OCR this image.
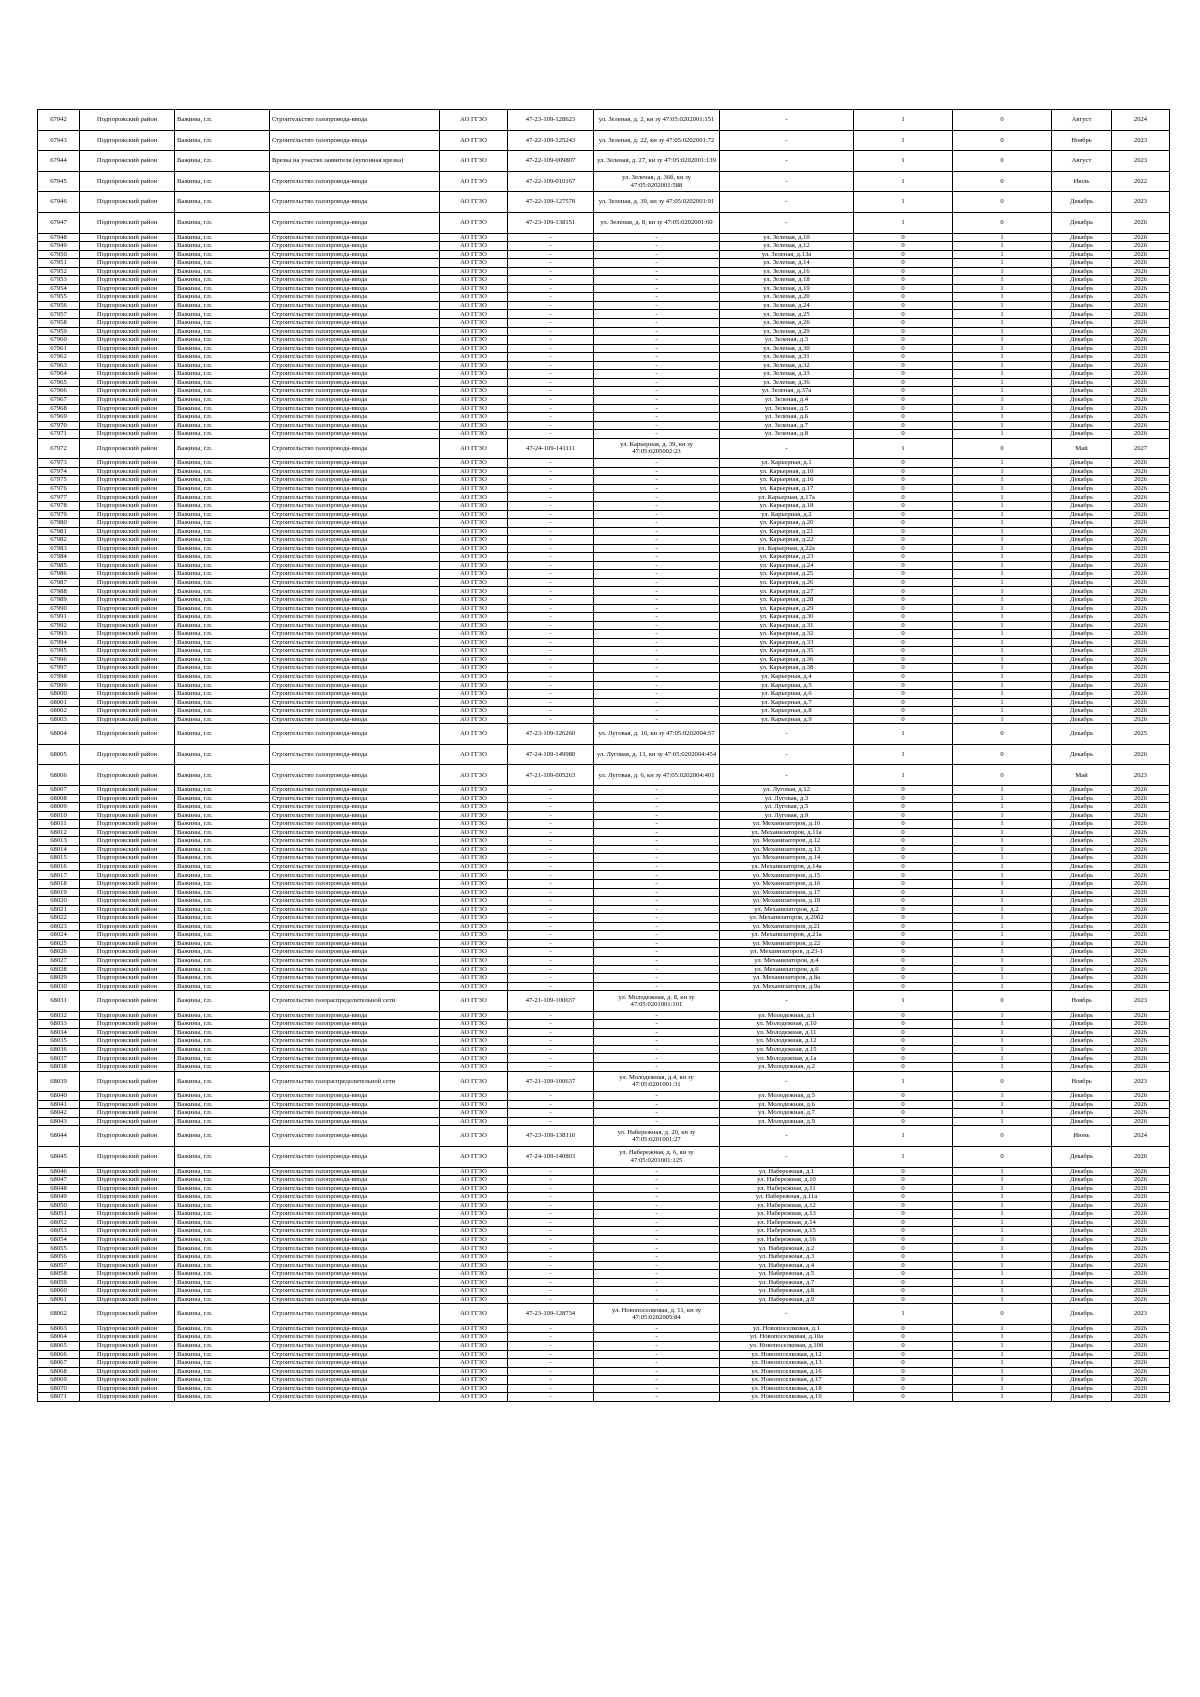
67942	Подпорожский район	Важины, г.п.	Строительство газопровода-ввода	АО ГГЗО	47-23-109-128623	ул. Зеленая, д. 2, кн зу 47:05:0202001:151	-	1	0	Август	2024
67943	Подпорожский район	Важины, г.п.	Строительство газопровода-ввода	АО ГГЗО	47-22-109-125243	ул. Зеленая, д. 22, кн зу 47:05:0202001:72	-	1	0	Ноябрь	2023
67944	Подпорожский район	Важины, г.п.	Врезка на участке заявителя (купонная врезка)	АО ГГЗО	47-22-109-009807	ул. Зеленая, д. 27, кн зу 47:05:0202001:139	-	1	0	Август	2023
67945	Подпорожский район	Важины, г.п.	Строительство газопровода-ввода	АО ГГЗО	47-22-109-010167	ул. Зеленая, д. 36б, кн зу 47:05:0202001:588	-	1	0	Июль	2022
67946	Подпорожский район	Важины, г.п.	Строительство газопровода-ввода	АО ГГЗО	47-22-109-127578	ул. Зеленая, д. 39, кн зу 47:05:0202001:91	-	1	0	Декабрь	2023
67947	Подпорожский район	Важины, г.п.	Строительство газопровода-ввода	АО ГГЗО	47-23-109-138151	ул. Зеленая, д. 8, кн зу 47:05:0202001:60	-	1	0	Декабрь	2026
67948	Подпорожский район	Важины, г.п.	Строительство газопровода-ввода	АО ГГЗО	-	-	ул. Зеленая, д.10	0	1	Декабрь	2026
67949	Подпорожский район	Важины, г.п.	Строительство газопровода-ввода	АО ГГЗО	-	-	ул. Зеленая, д.12	0	1	Декабрь	2026
67950	Подпорожский район	Важины, г.п.	Строительство газопровода-ввода	АО ГГЗО	-	-	ул. Зеленая, д.13а	0	1	Декабрь	2026
67951	Подпорожский район	Важины, г.п.	Строительство газопровода-ввода	АО ГГЗО	-	-	ул. Зеленая, д.14	0	1	Декабрь	2026
67952	Подпорожский район	Важины, г.п.	Строительство газопровода-ввода	АО ГГЗО	-	-	ул. Зеленая, д.16	0	1	Декабрь	2026
67953	Подпорожский район	Важины, г.п.	Строительство газопровода-ввода	АО ГГЗО	-	-	ул. Зеленая, д.18	0	1	Декабрь	2026
67954	Подпорожский район	Важины, г.п.	Строительство газопровода-ввода	АО ГГЗО	-	-	ул. Зеленая, д.19	0	1	Декабрь	2026
67955	Подпорожский район	Важины, г.п.	Строительство газопровода-ввода	АО ГГЗО	-	-	ул. Зеленая, д.20	0	1	Декабрь	2026
67956	Подпорожский район	Важины, г.п.	Строительство газопровода-ввода	АО ГГЗО	-	-	ул. Зеленая, д.24	0	1	Декабрь	2026
67957	Подпорожский район	Важины, г.п.	Строительство газопровода-ввода	АО ГГЗО	-	-	ул. Зеленая, д.25	0	1	Декабрь	2026
67958	Подпорожский район	Важины, г.п.	Строительство газопровода-ввода	АО ГГЗО	-	-	ул. Зеленая, д.26	0	1	Декабрь	2026
67959	Подпорожский район	Важины, г.п.	Строительство газопровода-ввода	АО ГГЗО	-	-	ул. Зеленая, д.29	0	1	Декабрь	2026
67960	Подпорожский район	Важины, г.п.	Строительство газопровода-ввода	АО ГГЗО	-	-	ул. Зеленая, д.3	0	1	Декабрь	2026
67961	Подпорожский район	Важины, г.п.	Строительство газопровода-ввода	АО ГГЗО	-	-	ул. Зеленая, д.30	0	1	Декабрь	2026
67962	Подпорожский район	Важины, г.п.	Строительство газопровода-ввода	АО ГГЗО	-	-	ул. Зеленая, д.31	0	1	Декабрь	2026
67963	Подпорожский район	Важины, г.п.	Строительство газопровода-ввода	АО ГГЗО	-	-	ул. Зеленая, д.32	0	1	Декабрь	2026
67964	Подпорожский район	Важины, г.п.	Строительство газопровода-ввода	АО ГГЗО	-	-	ул. Зеленая, д.33	0	1	Декабрь	2026
67965	Подпорожский район	Важины, г.п.	Строительство газопровода-ввода	АО ГГЗО	-	-	ул. Зеленая, д.36	0	1	Декабрь	2026
67966	Подпорожский район	Важины, г.п.	Строительство газопровода-ввода	АО ГГЗО	-	-	ул. Зеленая, д.37а	0	1	Декабрь	2026
67967	Подпорожский район	Важины, г.п.	Строительство газопровода-ввода	АО ГГЗО	-	-	ул. Зеленая, д.4	0	1	Декабрь	2026
67968	Подпорожский район	Важины, г.п.	Строительство газопровода-ввода	АО ГГЗО	-	-	ул. Зеленая, д.5	0	1	Декабрь	2026
67969	Подпорожский район	Важины, г.п.	Строительство газопровода-ввода	АО ГГЗО	-	-	ул. Зеленая, д.6	0	1	Декабрь	2026
67970	Подпорожский район	Важины, г.п.	Строительство газопровода-ввода	АО ГГЗО	-	-	ул. Зеленая, д.7	0	1	Декабрь	2026
67971	Подпорожский район	Важины, г.п.	Строительство газопровода-ввода	АО ГГЗО	-	-	ул. Зеленая, д.8	0	1	Декабрь	2026
67972	Подпорожский район	Важины, г.п.	Строительство газопровода-ввода	АО ГГЗО	47-24-109-141111	ул. Карьерная, д. 39, кн зу 47:05:0205002:23	-	1	0	Май	2027
67973	Подпорожский район	Важины, г.п.	Строительство газопровода-ввода	АО ГГЗО	-	-	ул. Карьерная, д.1	0	1	Декабрь	2026
67974	Подпорожский район	Важины, г.п.	Строительство газопровода-ввода	АО ГГЗО	-	-	ул. Карьерная, д.10	0	1	Декабрь	2026
67975	Подпорожский район	Важины, г.п.	Строительство газопровода-ввода	АО ГГЗО	-	-	ул. Карьерная, д.16	0	1	Декабрь	2026
67976	Подпорожский район	Важины, г.п.	Строительство газопровода-ввода	АО ГГЗО	-	-	ул. Карьерная, д.17	0	1	Декабрь	2026
67977	Подпорожский район	Важины, г.п.	Строительство газопровода-ввода	АО ГГЗО	-	-	ул. Карьерная, д.17а	0	1	Декабрь	2026
67978	Подпорожский район	Важины, г.п.	Строительство газопровода-ввода	АО ГГЗО	-	-	ул. Карьерная, д.18	0	1	Декабрь	2026
67979	Подпорожский район	Важины, г.п.	Строительство газопровода-ввода	АО ГГЗО	-	-	ул. Карьерная, д.2	0	1	Декабрь	2026
67980	Подпорожский район	Важины, г.п.	Строительство газопровода-ввода	АО ГГЗО	-	-	ул. Карьерная, д.20	0	1	Декабрь	2026
67981	Подпорожский район	Важины, г.п.	Строительство газопровода-ввода	АО ГГЗО	-	-	ул. Карьерная, д.21	0	1	Декабрь	2026
67982	Подпорожский район	Важины, г.п.	Строительство газопровода-ввода	АО ГГЗО	-	-	ул. Карьерная, д.22	0	1	Декабрь	2026
67983	Подпорожский район	Важины, г.п.	Строительство газопровода-ввода	АО ГГЗО	-	-	ул. Карьерная, д.22а	0	1	Декабрь	2026
67984	Подпорожский район	Важины, г.п.	Строительство газопровода-ввода	АО ГГЗО	-	-	ул. Карьерная, д.23	0	1	Декабрь	2026
67985	Подпорожский район	Важины, г.п.	Строительство газопровода-ввода	АО ГГЗО	-	-	ул. Карьерная, д.24	0	1	Декабрь	2026
67986	Подпорожский район	Важины, г.п.	Строительство газопровода-ввода	АО ГГЗО	-	-	ул. Карьерная, д.25	0	1	Декабрь	2026
67987	Подпорожский район	Важины, г.п.	Строительство газопровода-ввода	АО ГГЗО	-	-	ул. Карьерная, д.26	0	1	Декабрь	2026
67988	Подпорожский район	Важины, г.п.	Строительство газопровода-ввода	АО ГГЗО	-	-	ул. Карьерная, д.27	0	1	Декабрь	2026
67989	Подпорожский район	Важины, г.п.	Строительство газопровода-ввода	АО ГГЗО	-	-	ул. Карьерная, д.28	0	1	Декабрь	2026
67990	Подпорожский район	Важины, г.п.	Строительство газопровода-ввода	АО ГГЗО	-	-	ул. Карьерная, д.29	0	1	Декабрь	2026
67991	Подпорожский район	Важины, г.п.	Строительство газопровода-ввода	АО ГГЗО	-	-	ул. Карьерная, д.30	0	1	Декабрь	2026
67992	Подпорожский район	Важины, г.п.	Строительство газопровода-ввода	АО ГГЗО	-	-	ул. Карьерная, д.31	0	1	Декабрь	2026
67993	Подпорожский район	Важины, г.п.	Строительство газопровода-ввода	АО ГГЗО	-	-	ул. Карьерная, д.32	0	1	Декабрь	2026
67994	Подпорожский район	Важины, г.п.	Строительство газопровода-ввода	АО ГГЗО	-	-	ул. Карьерная, д.33	0	1	Декабрь	2026
67995	Подпорожский район	Важины, г.п.	Строительство газопровода-ввода	АО ГГЗО	-	-	ул. Карьерная, д.35	0	1	Декабрь	2026
67996	Подпорожский район	Важины, г.п.	Строительство газопровода-ввода	АО ГГЗО	-	-	ул. Карьерная, д.36	0	1	Декабрь	2026
67997	Подпорожский район	Важины, г.п.	Строительство газопровода-ввода	АО ГГЗО	-	-	ул. Карьерная, д.38	0	1	Декабрь	2026
67998	Подпорожский район	Важины, г.п.	Строительство газопровода-ввода	АО ГГЗО	-	-	ул. Карьерная, д.4	0	1	Декабрь	2026
67999	Подпорожский район	Важины, г.п.	Строительство газопровода-ввода	АО ГГЗО	-	-	ул. Карьерная, д.5	0	1	Декабрь	2026
68000	Подпорожский район	Важины, г.п.	Строительство газопровода-ввода	АО ГГЗО	-	-	ул. Карьерная, д.6	0	1	Декабрь	2026
68001	Подпорожский район	Важины, г.п.	Строительство газопровода-ввода	АО ГГЗО	-	-	ул. Карьерная, д.7	0	1	Декабрь	2026
68002	Подпорожский район	Важины, г.п.	Строительство газопровода-ввода	АО ГГЗО	-	-	ул. Карьерная, д.8	0	1	Декабрь	2026
68003	Подпорожский район	Важины, г.п.	Строительство газопровода-ввода	АО ГГЗО	-	-	ул. Карьерная, д.9	0	1	Декабрь	2026
68004	Подпорожский район	Важины, г.п.	Строительство газопровода-ввода	АО ГГЗО	47-23-109-126260	ул. Луговая, д. 10, кн зу 47:05:0202004:57	-	1	0	Декабрь	2025
68005	Подпорожский район	Важины, г.п.	Строительство газопровода-ввода	АО ГГЗО	47-24-109-149980	ул. Луговая, д. 13, кн зу 47:05:0202004:454	-	1	0	Декабрь	2026
68006	Подпорожский район	Важины, г.п.	Строительство газопровода-ввода	АО ГГЗО	47-21-109-005263	ул. Луговая, д. 6, кн зу 47:05:0202004:401	-	1	0	Май	2023
68007	Подпорожский район	Важины, г.п.	Строительство газопровода-ввода	АО ГГЗО	-	-	ул. Луговая, д.12	0	1	Декабрь	2026
68008	Подпорожский район	Важины, г.п.	Строительство газопровода-ввода	АО ГГЗО	-	-	ул. Луговая, д.3	0	1	Декабрь	2026
68009	Подпорожский район	Важины, г.п.	Строительство газопровода-ввода	АО ГГЗО	-	-	ул. Луговая, д.5	0	1	Декабрь	2026
68010	Подпорожский район	Важины, г.п.	Строительство газопровода-ввода	АО ГГЗО	-	-	ул. Луговая, д.9	0	1	Декабрь	2026
68011	Подпорожский район	Важины, г.п.	Строительство газопровода-ввода	АО ГГЗО	-	-	ул. Механизаторов, д.10	0	1	Декабрь	2026
68012	Подпорожский район	Важины, г.п.	Строительство газопровода-ввода	АО ГГЗО	-	-	ул. Механизаторов, д.11а	0	1	Декабрь	2026
68013	Подпорожский район	Важины, г.п.	Строительство газопровода-ввода	АО ГГЗО	-	-	ул. Механизаторов, д.12	0	1	Декабрь	2026
68014	Подпорожский район	Важины, г.п.	Строительство газопровода-ввода	АО ГГЗО	-	-	ул. Механизаторов, д.13	0	1	Декабрь	2026
68015	Подпорожский район	Важины, г.п.	Строительство газопровода-ввода	АО ГГЗО	-	-	ул. Механизаторов, д.14	0	1	Декабрь	2026
68016	Подпорожский район	Важины, г.п.	Строительство газопровода-ввода	АО ГГЗО	-	-	ул. Механизаторов, д.14а	0	1	Декабрь	2026
68017	Подпорожский район	Важины, г.п.	Строительство газопровода-ввода	АО ГГЗО	-	-	ул. Механизаторов, д.15	0	1	Декабрь	2026
68018	Подпорожский район	Важины, г.п.	Строительство газопровода-ввода	АО ГГЗО	-	-	ул. Механизаторов, д.16	0	1	Декабрь	2026
68019	Подпорожский район	Важины, г.п.	Строительство газопровода-ввода	АО ГГЗО	-	-	ул. Механизаторов, д.17	0	1	Декабрь	2026
68020	Подпорожский район	Важины, г.п.	Строительство газопровода-ввода	АО ГГЗО	-	-	ул. Механизаторов, д.18	0	1	Декабрь	2026
68021	Подпорожский район	Важины, г.п.	Строительство газопровода-ввода	АО ГГЗО	-	-	ул. Механизаторов, д.2	0	1	Декабрь	2026
68022	Подпорожский район	Важины, г.п.	Строительство газопровода-ввода	АО ГГЗО	-	-	ул. Механизаторов, д.20б2	0	1	Декабрь	2026
68023	Подпорожский район	Важины, г.п.	Строительство газопровода-ввода	АО ГГЗО	-	-	ул. Механизаторов, д.21	0	1	Декабрь	2026
68024	Подпорожский район	Важины, г.п.	Строительство газопровода-ввода	АО ГГЗО	-	-	ул. Механизаторов, д.21а	0	1	Декабрь	2026
68025	Подпорожский район	Важины, г.п.	Строительство газопровода-ввода	АО ГГЗО	-	-	ул. Механизаторов, д.22	0	1	Декабрь	2026
68026	Подпорожский район	Важины, г.п.	Строительство газопровода-ввода	АО ГГЗО	-	-	ул. Механизаторов, д.23-1	0	1	Декабрь	2026
68027	Подпорожский район	Важины, г.п.	Строительство газопровода-ввода	АО ГГЗО	-	-	ул. Механизаторов, д.4	0	1	Декабрь	2026
68028	Подпорожский район	Важины, г.п.	Строительство газопровода-ввода	АО ГГЗО	-	-	ул. Механизаторов, д.6	0	1	Декабрь	2026
68029	Подпорожский район	Важины, г.п.	Строительство газопровода-ввода	АО ГГЗО	-	-	ул. Механизаторов, д.8а	0	1	Декабрь	2026
68030	Подпорожский район	Важины, г.п.	Строительство газопровода-ввода	АО ГГЗО	-	-	ул. Механизаторов, д.9а	0	1	Декабрь	2026
68031	Подпорожский район	Важины, г.п.	Строительство газораспределительной сети	АО ГГЗО	47-21-109-100637	ул. Молодежная, д. 8, кн зу 47:05:0201001:101	-	1	0	Ноябрь	2023
68032	Подпорожский район	Важины, г.п.	Строительство газопровода-ввода	АО ГГЗО	-	-	ул. Молодежная, д.1	0	1	Декабрь	2026
68033	Подпорожский район	Важины, г.п.	Строительство газопровода-ввода	АО ГГЗО	-	-	ул. Молодежная, д.10	0	1	Декабрь	2026
68034	Подпорожский район	Важины, г.п.	Строительство газопровода-ввода	АО ГГЗО	-	-	ул. Молодежная, д.11	0	1	Декабрь	2026
68035	Подпорожский район	Важины, г.п.	Строительство газопровода-ввода	АО ГГЗО	-	-	ул. Молодежная, д.12	0	1	Декабрь	2026
68036	Подпорожский район	Важины, г.п.	Строительство газопровода-ввода	АО ГГЗО	-	-	ул. Молодежная, д.15	0	1	Декабрь	2026
68037	Подпорожский район	Важины, г.п.	Строительство газопровода-ввода	АО ГГЗО	-	-	ул. Молодежная, д.1а	0	1	Декабрь	2026
68038	Подпорожский район	Важины, г.п.	Строительство газопровода-ввода	АО ГГЗО	-	-	ул. Молодежная, д.2	0	1	Декабрь	2026
68039	Подпорожский район	Важины, г.п.	Строительство газораспределительной сети	АО ГГЗО	47-21-109-100637	ул. Молодежная, д.4, кн зу 47:05:0201001:31	-	1	0	Ноябрь	2023
68040	Подпорожский район	Важины, г.п.	Строительство газопровода-ввода	АО ГГЗО	-	-	ул. Молодежная, д.5	0	1	Декабрь	2026
68041	Подпорожский район	Важины, г.п.	Строительство газопровода-ввода	АО ГГЗО	-	-	ул. Молодежная, д.6	0	1	Декабрь	2026
68042	Подпорожский район	Важины, г.п.	Строительство газопровода-ввода	АО ГГЗО	-	-	ул. Молодежная, д.7	0	1	Декабрь	2026
68043	Подпорожский район	Важины, г.п.	Строительство газопровода-ввода	АО ГГЗО	-	-	ул. Молодежная, д.9	0	1	Декабрь	2026
68044	Подпорожский район	Важины, г.п.	Строительство газопровода-ввода	АО ГГЗО	47-23-109-138110	ул. Набережная, д. 20, кн зу 47:05:0201001:27	-	1	0	Июнь	2024
68045	Подпорожский район	Важины, г.п.	Строительство газопровода-ввода	АО ГГЗО	47-24-109-140803	ул. Набережная, д. 6, кн зу 47:05:0201001:125	-	1	0	Декабрь	2026
68046	Подпорожский район	Важины, г.п.	Строительство газопровода-ввода	АО ГГЗО	-	-	ул. Набережная, д.1	0	1	Декабрь	2026
68047	Подпорожский район	Важины, г.п.	Строительство газопровода-ввода	АО ГГЗО	-	-	ул. Набережная, д.10	0	1	Декабрь	2026
68048	Подпорожский район	Важины, г.п.	Строительство газопровода-ввода	АО ГГЗО	-	-	ул. Набережная, д.11	0	1	Декабрь	2026
68049	Подпорожский район	Важины, г.п.	Строительство газопровода-ввода	АО ГГЗО	-	-	ул. Набережная, д.11а	0	1	Декабрь	2026
68050	Подпорожский район	Важины, г.п.	Строительство газопровода-ввода	АО ГГЗО	-	-	ул. Набережная, д.12	0	1	Декабрь	2026
68051	Подпорожский район	Важины, г.п.	Строительство газопровода-ввода	АО ГГЗО	-	-	ул. Набережная, д.13	0	1	Декабрь	2026
68052	Подпорожский район	Важины, г.п.	Строительство газопровода-ввода	АО ГГЗО	-	-	ул. Набережная, д.14	0	1	Декабрь	2026
68053	Подпорожский район	Важины, г.п.	Строительство газопровода-ввода	АО ГГЗО	-	-	ул. Набережная, д.15	0	1	Декабрь	2026
68054	Подпорожский район	Важины, г.п.	Строительство газопровода-ввода	АО ГГЗО	-	-	ул. Набережная, д.16	0	1	Декабрь	2026
68055	Подпорожский район	Важины, г.п.	Строительство газопровода-ввода	АО ГГЗО	-	-	ул. Набережная, д.2	0	1	Декабрь	2026
68056	Подпорожский район	Важины, г.п.	Строительство газопровода-ввода	АО ГГЗО	-	-	ул. Набережная, д.3	0	1	Декабрь	2026
68057	Подпорожский район	Важины, г.п.	Строительство газопровода-ввода	АО ГГЗО	-	-	ул. Набережная, д.4	0	1	Декабрь	2026
68058	Подпорожский район	Важины, г.п.	Строительство газопровода-ввода	АО ГГЗО	-	-	ул. Набережная, д.5	0	1	Декабрь	2026
68059	Подпорожский район	Важины, г.п.	Строительство газопровода-ввода	АО ГГЗО	-	-	ул. Набережная, д.7	0	1	Декабрь	2026
68060	Подпорожский район	Важины, г.п.	Строительство газопровода-ввода	АО ГГЗО	-	-	ул. Набережная, д.8	0	1	Декабрь	2026
68061	Подпорожский район	Важины, г.п.	Строительство газопровода-ввода	АО ГГЗО	-	-	ул. Набережная, д.9	0	1	Декабрь	2026
68062	Подпорожский район	Важины, г.п.	Строительство газопровода-ввода	АО ГГЗО	47-23-109-128734	ул. Новопоселковая, д. 11, кн зу 47:05:0202005:84	-	1	0	Декабрь	2023
68063	Подпорожский район	Важины, г.п.	Строительство газопровода-ввода	АО ГГЗО	-	-	ул. Новопоселковая, д.1	0	1	Декабрь	2026
68064	Подпорожский район	Важины, г.п.	Строительство газопровода-ввода	АО ГГЗО	-	-	ул. Новопоселковая, д.10а	0	1	Декабрь	2026
68065	Подпорожский район	Важины, г.п.	Строительство газопровода-ввода	АО ГГЗО	-	-	ул. Новопоселковая, д.10б	0	1	Декабрь	2026
68066	Подпорожский район	Важины, г.п.	Строительство газопровода-ввода	АО ГГЗО	-	-	ул. Новопоселковая, д.12	0	1	Декабрь	2026
68067	Подпорожский район	Важины, г.п.	Строительство газопровода-ввода	АО ГГЗО	-	-	ул. Новопоселковая, д.13	0	1	Декабрь	2026
68068	Подпорожский район	Важины, г.п.	Строительство газопровода-ввода	АО ГГЗО	-	-	ул. Новопоселковая, д.16	0	1	Декабрь	2026
68069	Подпорожский район	Важины, г.п.	Строительство газопровода-ввода	АО ГГЗО	-	-	ул. Новопоселковая, д.17	0	1	Декабрь	2026
68070	Подпорожский район	Важины, г.п.	Строительство газопровода-ввода	АО ГГЗО	-	-	ул. Новопоселковая, д.18	0	1	Декабрь	2026
68071	Подпорожский район	Важины, г.п.	Строительство газопровода-ввода	АО ГГЗО	-	-	ул. Новопоселковая, д.19	0	1	Декабрь	2026
